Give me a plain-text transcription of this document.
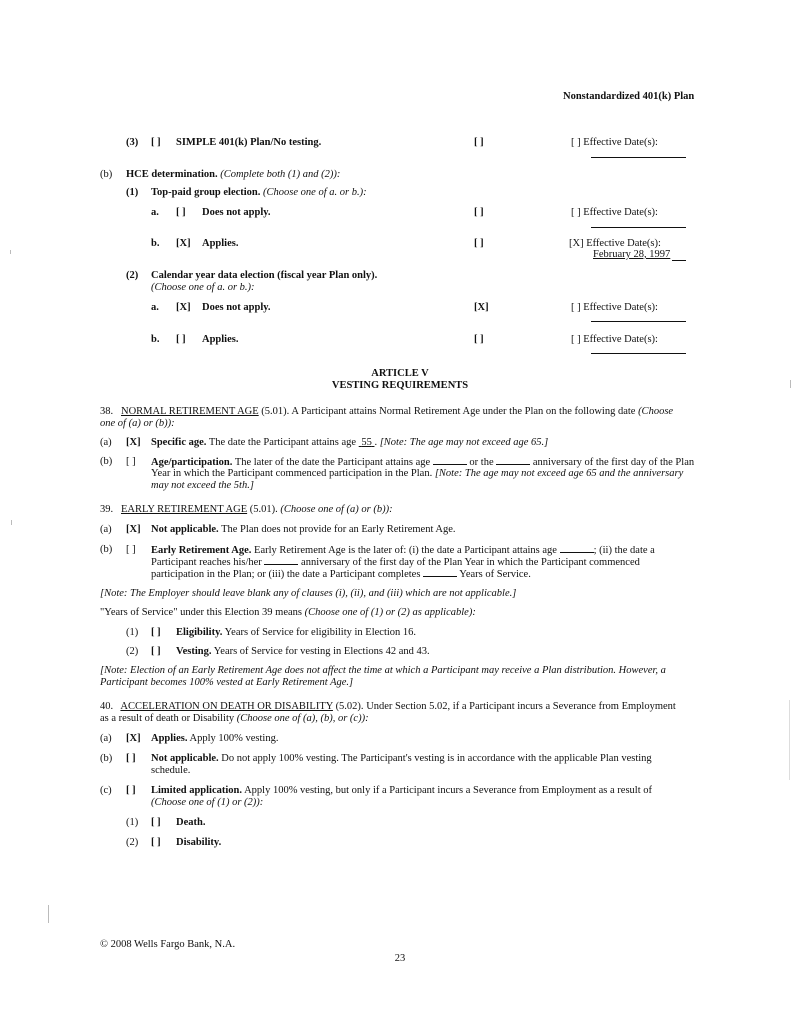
Nonstandardized 401(k) Plan
(3) [ ] SIMPLE 401(k) Plan/No testing.	[ ]	[ ] Effective Date(s):
(b) HCE determination. (Complete both (1) and (2)):
(1) Top-paid group election. (Choose one of a. or b.):
a. [ ] Does not apply.	[ ]	[ ] Effective Date(s):
b. [X] Applies.	[ ]	[X] Effective Date(s):
February 28, 1997
(2) Calendar year data election (fiscal year Plan only).
(Choose one of a. or b.):
a. [X] Does not apply.	[X]	[ ] Effective Date(s):
b. [ ] Applies.	[ ]	[ ] Effective Date(s):
ARTICLE V
VESTING REQUIREMENTS
38. NORMAL RETIREMENT AGE (5.01). A Participant attains Normal Retirement Age under the Plan on the following date (Choose
one of (a) or (b)):
(a) [X] Specific age. The date the Participant attains age 55 . [Note: The age may not exceed age 65.]
(b) [ ] Age/participation. The later of the date the Participant attains age	or the	anniversary of the first day of the Plan
Year in which the Participant commenced participation in the Plan. [Note: The age may not exceed age 65 and the anniversary
may not exceed the 5th.]
39. EARLY RETIREMENT AGE (5.01). (Choose one of (a) or (b)):
(a) [X] Not applicable. The Plan does not provide for an Early Retirement Age.
(b) [ ] Early Retirement Age. Early Retirement Age is the later of: (i) the date a Participant attains age	; (ii) the date a
Participant reaches his/her	anniversary of the first day of the Plan Year in which the Participant commenced
participation in the Plan; or (iii) the date a Participant completes	Years of Service.
[Note: The Employer should leave blank any of clauses (i), (ii), and (iii) which are not applicable.]
"Years of Service" under this Election 39 means (Choose one of (1) or (2) as applicable):
(1) [ ] Eligibility. Years of Service for eligibility in Election 16.
(2) [ ] Vesting. Years of Service for vesting in Elections 42 and 43.
[Note: Election of an Early Retirement Age does not affect the time at which a Participant may receive a Plan distribution. However, a
Participant becomes 100% vested at Early Retirement Age.]
40. ACCELERATION ON DEATH OR DISABILITY (5.02). Under Section 5.02, if a Participant incurs a Severance from Employment
as a result of death or Disability (Choose one of (a), (b), or (c)):
(a) [X] Applies. Apply 100% vesting.
(b) [ ] Not applicable. Do not apply 100% vesting. The Participant's vesting is in accordance with the applicable Plan vesting
schedule.
(c) [ ] Limited application. Apply 100% vesting, but only if a Participant incurs a Severance from Employment as a result of
(Choose one of (1) or (2)):
(1) [ ] Death.
(2) [ ] Disability.
© 2008 Wells Fargo Bank, N.A.
23
